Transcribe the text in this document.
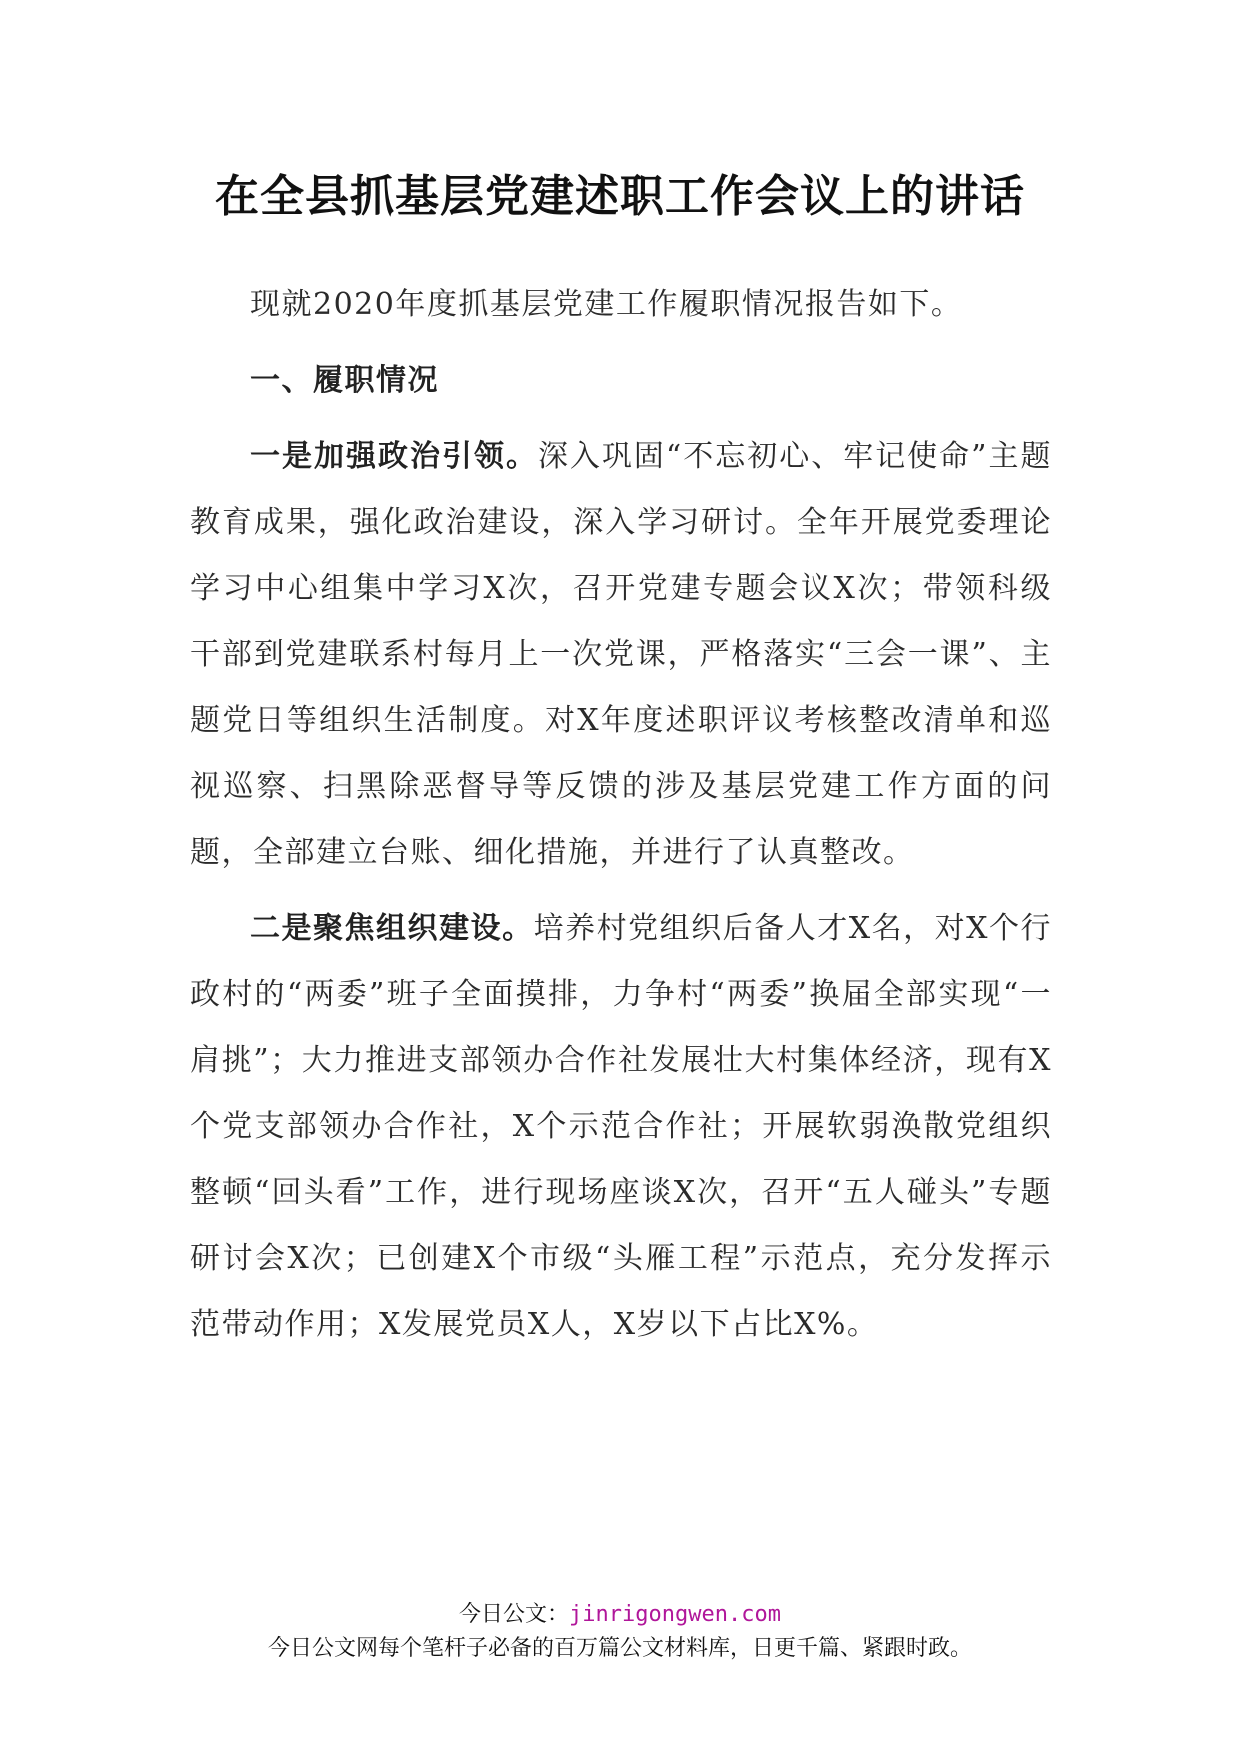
在全县抓基层党建述职工作会议上的讲话

现就2020年度抓基层党建工作履职情况报告如下。

一、履职情况

一是加强政治引领。深入巩固“不忘初心、牢记使命”主题教育成果，强化政治建设，深入学习研讨。全年开展党委理论学习中心组集中学习X次，召开党建专题会议X次；带领科级干部到党建联系村每月上一次党课，严格落实“三会一课”、主题党日等组织生活制度。对X年度述职评议考核整改清单和巡视巡察、扫黑除恶督导等反馈的涉及基层党建工作方面的问题，全部建立台账、细化措施，并进行了认真整改。

二是聚焦组织建设。培养村党组织后备人才X名，对X个行政村的“两委”班子全面摸排，力争村“两委”换届全部实现“一肩挑”；大力推进支部领办合作社发展壮大村集体经济，现有X个党支部领办合作社，X个示范合作社；开展软弱涣散党组织整顿“回头看”工作，进行现场座谈X次，召开“五人碰头”专题研讨会X次；已创建X个市级“头雁工程”示范点，充分发挥示范带动作用；X发展党员X人，X岁以下占比X%。

今日公文：jinrigongwen.com
今日公文网每个笔杆子必备的百万篇公文材料库，日更千篇、紧跟时政。
